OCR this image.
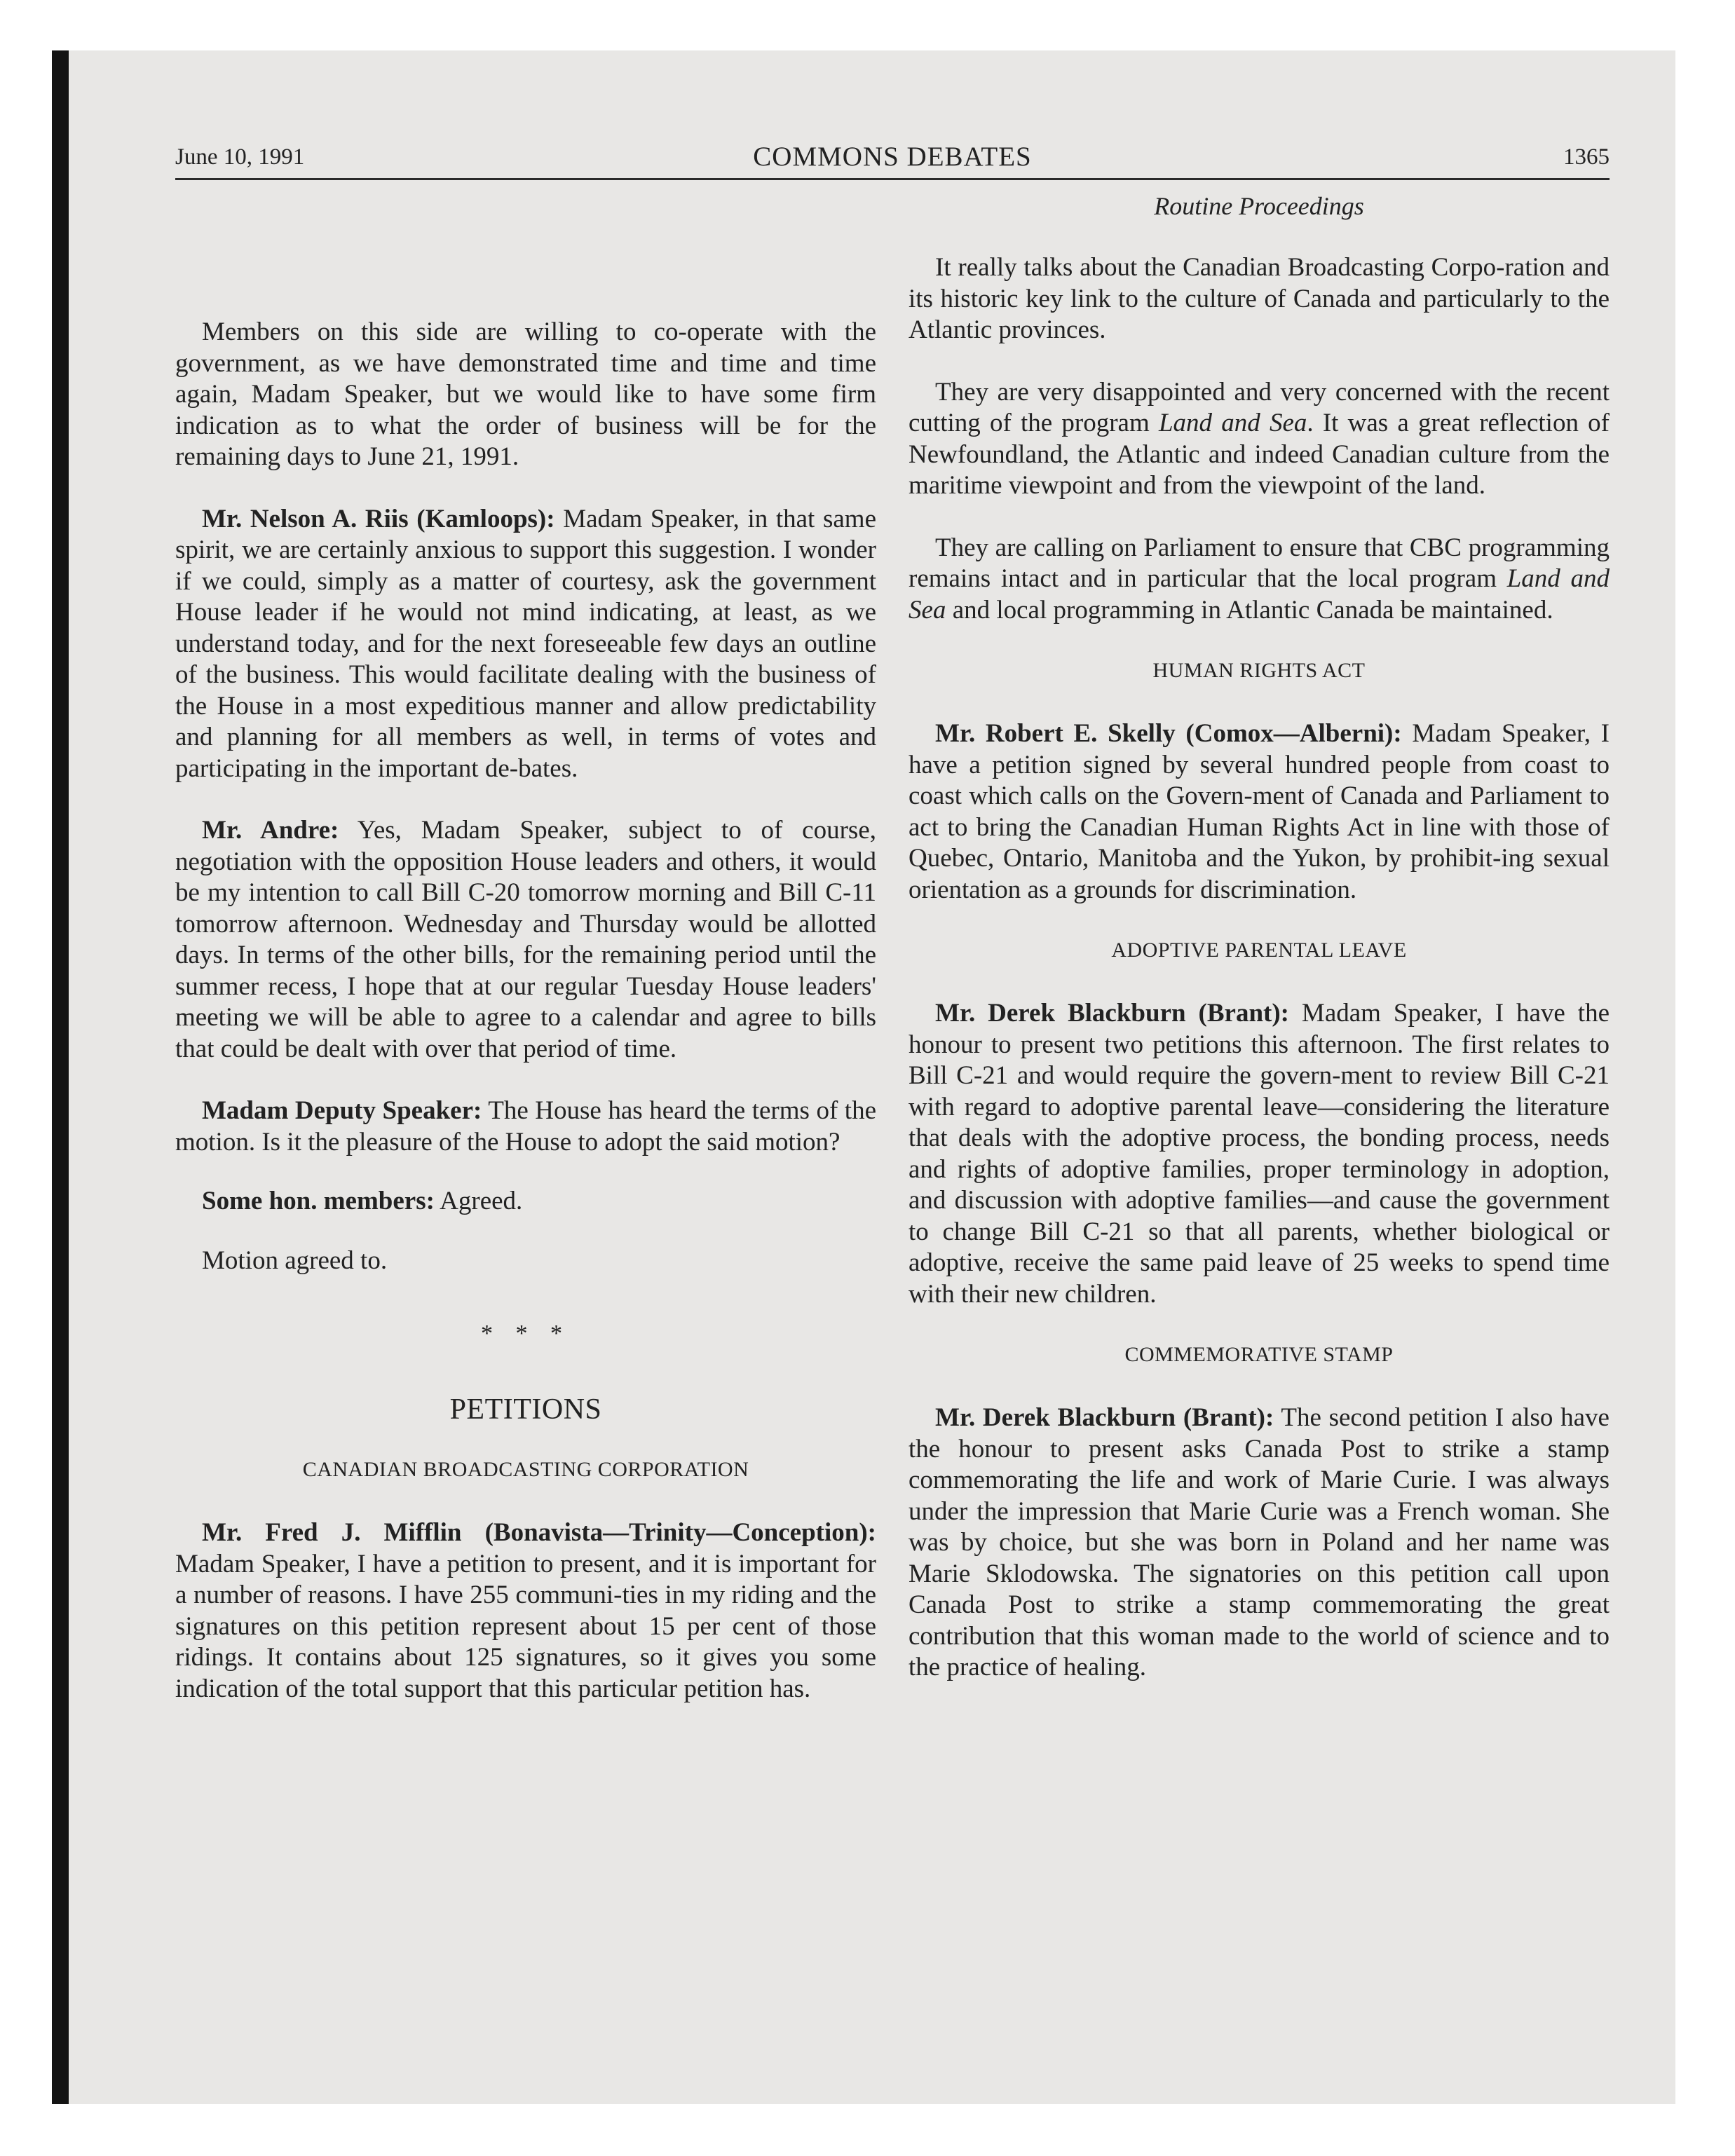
June 10, 1991	COMMONS DEBATES	1365

Members on this side are willing to co-operate with the government, as we have demonstrated time and time and time again, Madam Speaker, but we would like to have some firm indication as to what the order of business will be for the remaining days to June 21, 1991.

Mr. Nelson A. Riis (Kamloops): Madam Speaker, in that same spirit, we are certainly anxious to support this suggestion. I wonder if we could, simply as a matter of courtesy, ask the government House leader if he would not mind indicating, at least, as we understand today, and for the next foreseeable few days an outline of the business. This would facilitate dealing with the business of the House in a most expeditious manner and allow predictability and planning for all members as well, in terms of votes and participating in the important de-bates.

Mr. Andre: Yes, Madam Speaker, subject to of course, negotiation with the opposition House leaders and others, it would be my intention to call Bill C-20 tomorrow morning and Bill C-11 tomorrow afternoon. Wednesday and Thursday would be allotted days. In terms of the other bills, for the remaining period until the summer recess, I hope that at our regular Tuesday House leaders' meeting we will be able to agree to a calendar and agree to bills that could be dealt with over that period of time.

Madam Deputy Speaker: The House has heard the terms of the motion. Is it the pleasure of the House to adopt the said motion?

Some hon. members: Agreed.

Motion agreed to.

* * *
PETITIONS
CANADIAN BROADCASTING CORPORATION

Mr. Fred J. Mifflin (Bonavista—Trinity—Conception): Madam Speaker, I have a petition to present, and it is important for a number of reasons. I have 255 communi-ties in my riding and the signatures on this petition represent about 15 per cent of those ridings. It contains about 125 signatures, so it gives you some indication of the total support that this particular petition has.

Routine Proceedings

It really talks about the Canadian Broadcasting Corpo-ration and its historic key link to the culture of Canada and particularly to the Atlantic provinces.

They are very disappointed and very concerned with the recent cutting of the program Land and Sea. It was a great reflection of Newfoundland, the Atlantic and indeed Canadian culture from the maritime viewpoint and from the viewpoint of the land.

They are calling on Parliament to ensure that CBC programming remains intact and in particular that the local program Land and Sea and local programming in Atlantic Canada be maintained.

HUMAN RIGHTS ACT

Mr. Robert E. Skelly (Comox—Alberni): Madam Speaker, I have a petition signed by several hundred people from coast to coast which calls on the Govern-ment of Canada and Parliament to act to bring the Canadian Human Rights Act in line with those of Quebec, Ontario, Manitoba and the Yukon, by prohibit-ing sexual orientation as a grounds for discrimination.

ADOPTIVE PARENTAL LEAVE

Mr. Derek Blackburn (Brant): Madam Speaker, I have the honour to present two petitions this afternoon. The first relates to Bill C-21 and would require the govern-ment to review Bill C-21 with regard to adoptive parental leave—considering the literature that deals with the adoptive process, the bonding process, needs and rights of adoptive families, proper terminology in adoption, and discussion with adoptive families—and cause the government to change Bill C-21 so that all parents, whether biological or adoptive, receive the same paid leave of 25 weeks to spend time with their new children.

COMMEMORATIVE STAMP

Mr. Derek Blackburn (Brant): The second petition I also have the honour to present asks Canada Post to strike a stamp commemorating the life and work of Marie Curie. I was always under the impression that Marie Curie was a French woman. She was by choice, but she was born in Poland and her name was Marie Sklodowska. The signatories on this petition call upon Canada Post to strike a stamp commemorating the great contribution that this woman made to the world of science and to the practice of healing.
